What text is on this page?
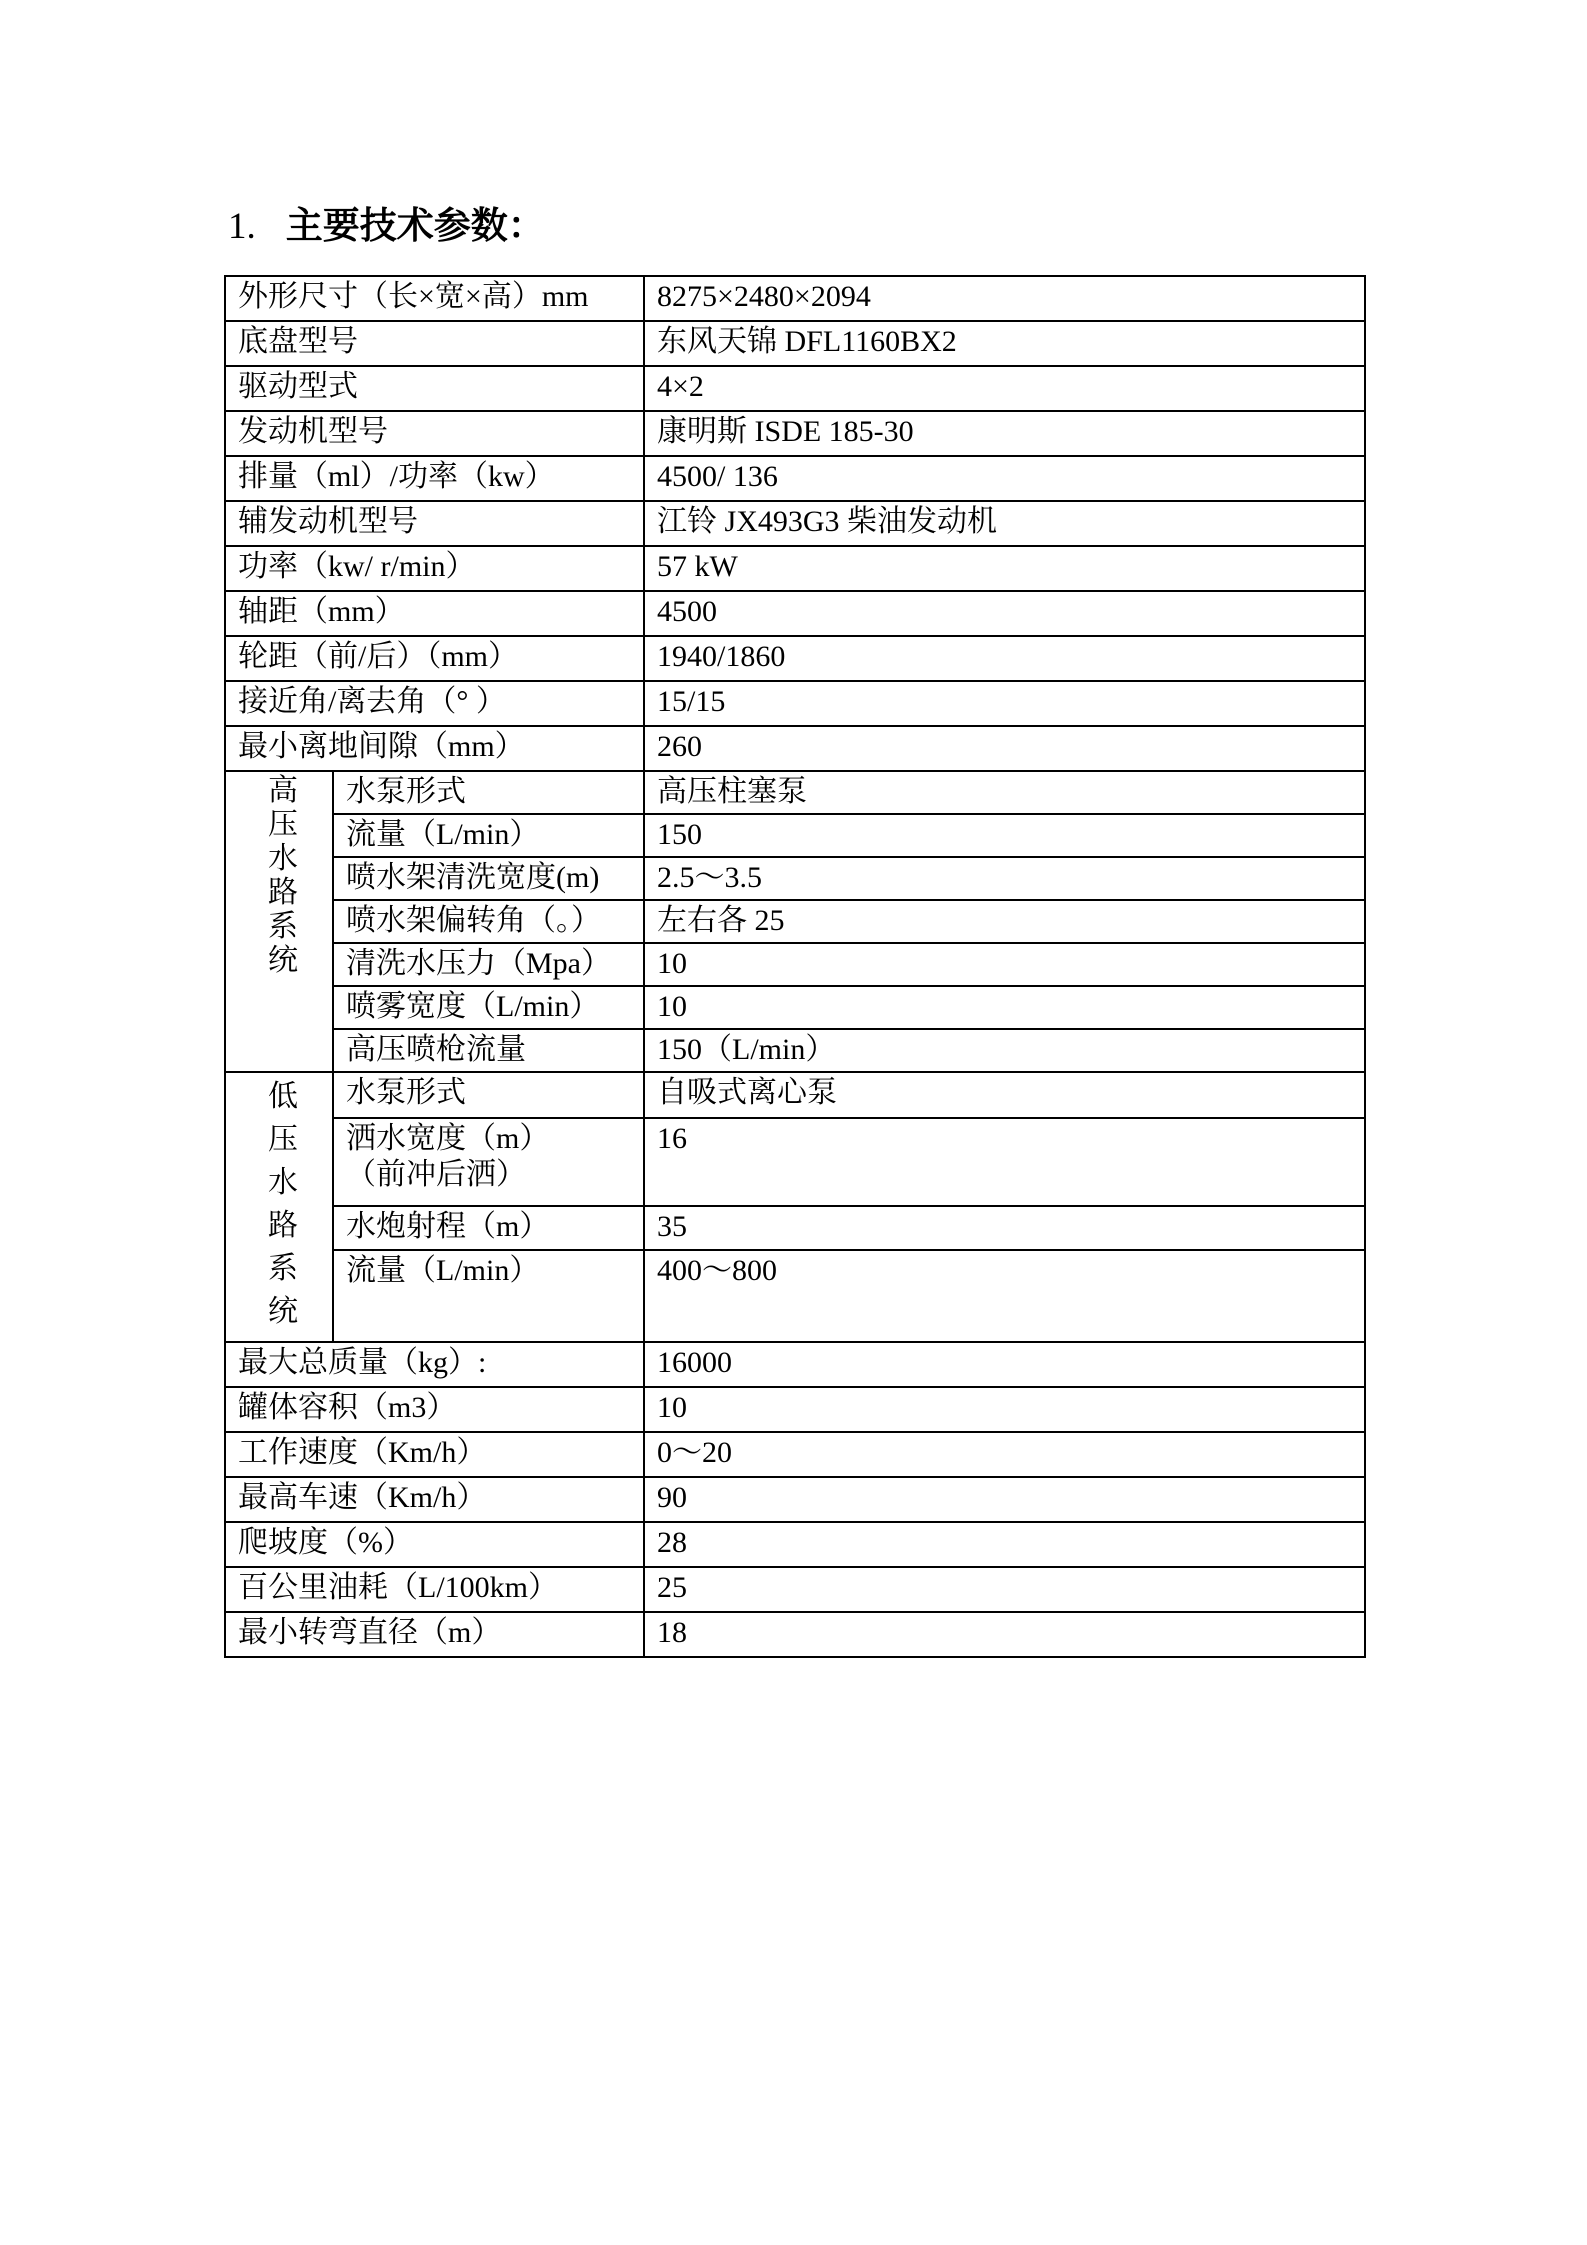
1. 主要技术参数：
外形尺寸（长×宽×高）mm		8275×2480×2094
底盘型号		东风天锦 DFL1160BX2
驱动型式		4×2
发动机型号		康明斯 ISDE 185-30
排量（ml）/功率（kw）		4500/ 136
辅发动机型号		江铃 JX493G3 柴油发动机
功率（kw/ r/min）		57 kW
轴距（mm）		4500
轮距（前/后）（mm）		1940/1860
接近角/离去角（° ）		15/15
最小离地间隙（mm）		260

高
压
水
路
系
统
	水泵形式	高压柱塞泵
	流量（L/min）	150
	喷水架清洗宽度(m)	2.5～3.5
	喷水架偏转角（。）	左右各 25
	清洗水压力（Mpa）	10
	喷雾宽度（L/min）	10
	高压喷枪流量	150（L/min）

低
压
水
路
系
统
	水泵形式	自吸式离心泵

	洒水宽度（m）
（前冲后洒）	16
	水炮射程（m）	35
	流量（L/min）	400～800
最大总质量（kg）:		16000
罐体容积（m3）		10
工作速度（Km/h）		0～20
最高车速（Km/h）		90
爬坡度（%）		28
百公里油耗（L/100km）		25
最小转弯直径（m）		18
